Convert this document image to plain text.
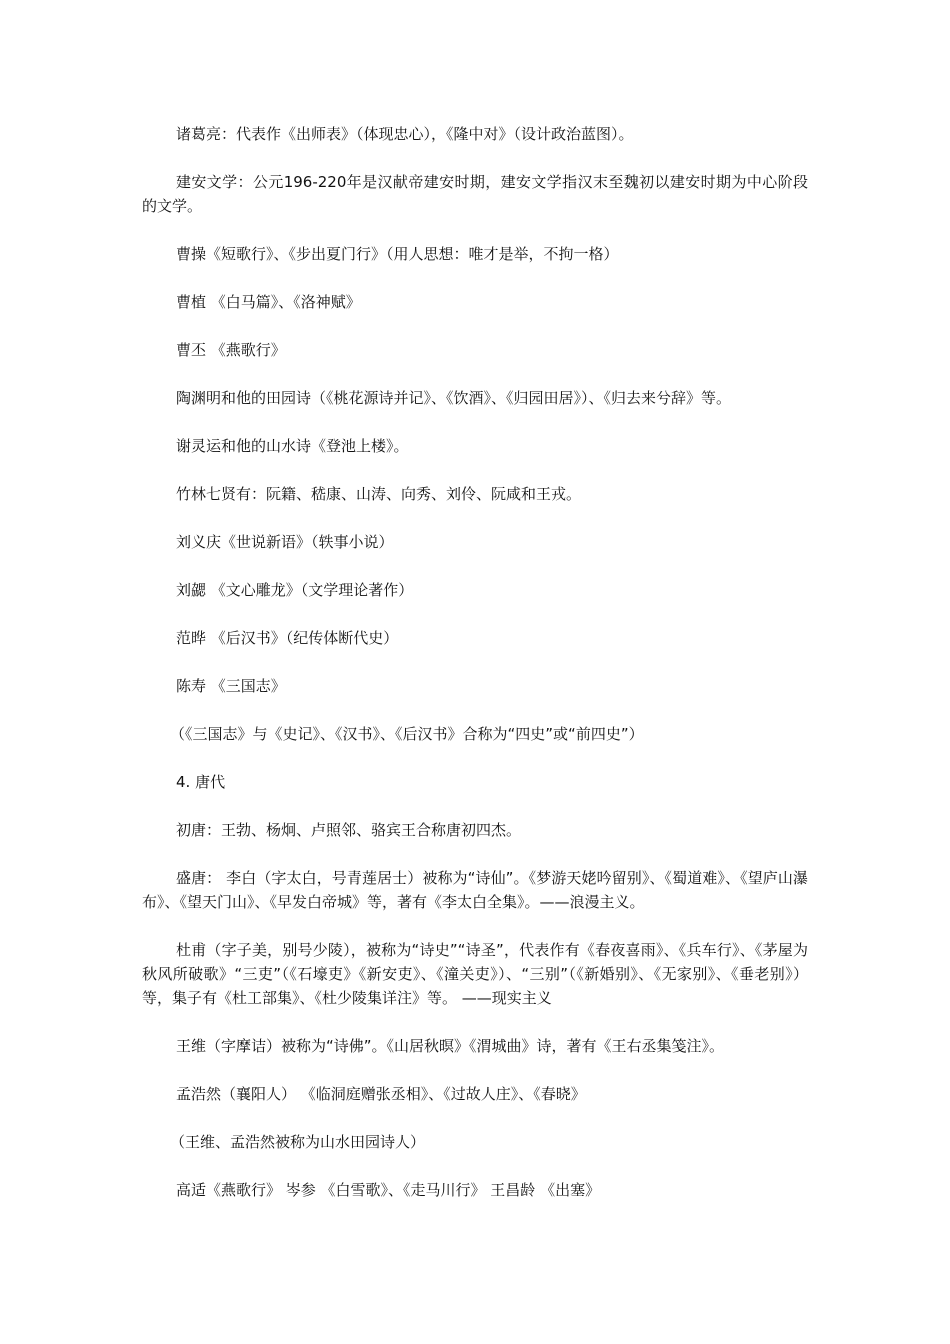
诸葛亮：代表作《出师表》（体现忠心），《隆中对》（设计政治蓝图）。

建安文学：公元196-220年是汉献帝建安时期，建安文学指汉末至魏初以建安时期为中心阶段的文学。

曹操《短歌行》、《步出夏门行》（用人思想：唯才是举，不拘一格）

曹植 《白马篇》、《洛神赋》

曹丕 《燕歌行》

陶渊明和他的田园诗（《桃花源诗并记》、《饮酒》、《归园田居》）、《归去来兮辞》等。

谢灵运和他的山水诗《登池上楼》。

竹林七贤有：阮籍、嵇康、山涛、向秀、刘伶、阮咸和王戎。

刘义庆《世说新语》（轶事小说）

刘勰 《文心雕龙》（文学理论著作）

范晔 《后汉书》（纪传体断代史）

陈寿 《三国志》

（《三国志》与《史记》、《汉书》、《后汉书》合称为“四史”或“前四史”）

4. 唐代

初唐：王勃、杨炯、卢照邻、骆宾王合称唐初四杰。

盛唐： 李白（字太白，号青莲居士）被称为“诗仙”。《梦游天姥吟留别》、《蜀道难》、《望庐山瀑布》、《望天门山》、《早发白帝城》等，著有《李太白全集》。——浪漫主义。

杜甫（字子美，别号少陵），被称为“诗史”“诗圣”，代表作有《春夜喜雨》、《兵车行》、《茅屋为秋风所破歌》“三吏”（《石壕吏》《新安吏》、《潼关吏》）、“三别”（《新婚别》、《无家别》、《垂老别》）等，集子有《杜工部集》、《杜少陵集详注》等。 ——现实主义

王维（字摩诘）被称为“诗佛”。《山居秋暝》《渭城曲》诗，著有《王右丞集笺注》。

孟浩然（襄阳人） 《临洞庭赠张丞相》、《过故人庄》、《春晓》

（王维、孟浩然被称为山水田园诗人）

高适《燕歌行》 岑参 《白雪歌》、《走马川行》 王昌龄 《出塞》
